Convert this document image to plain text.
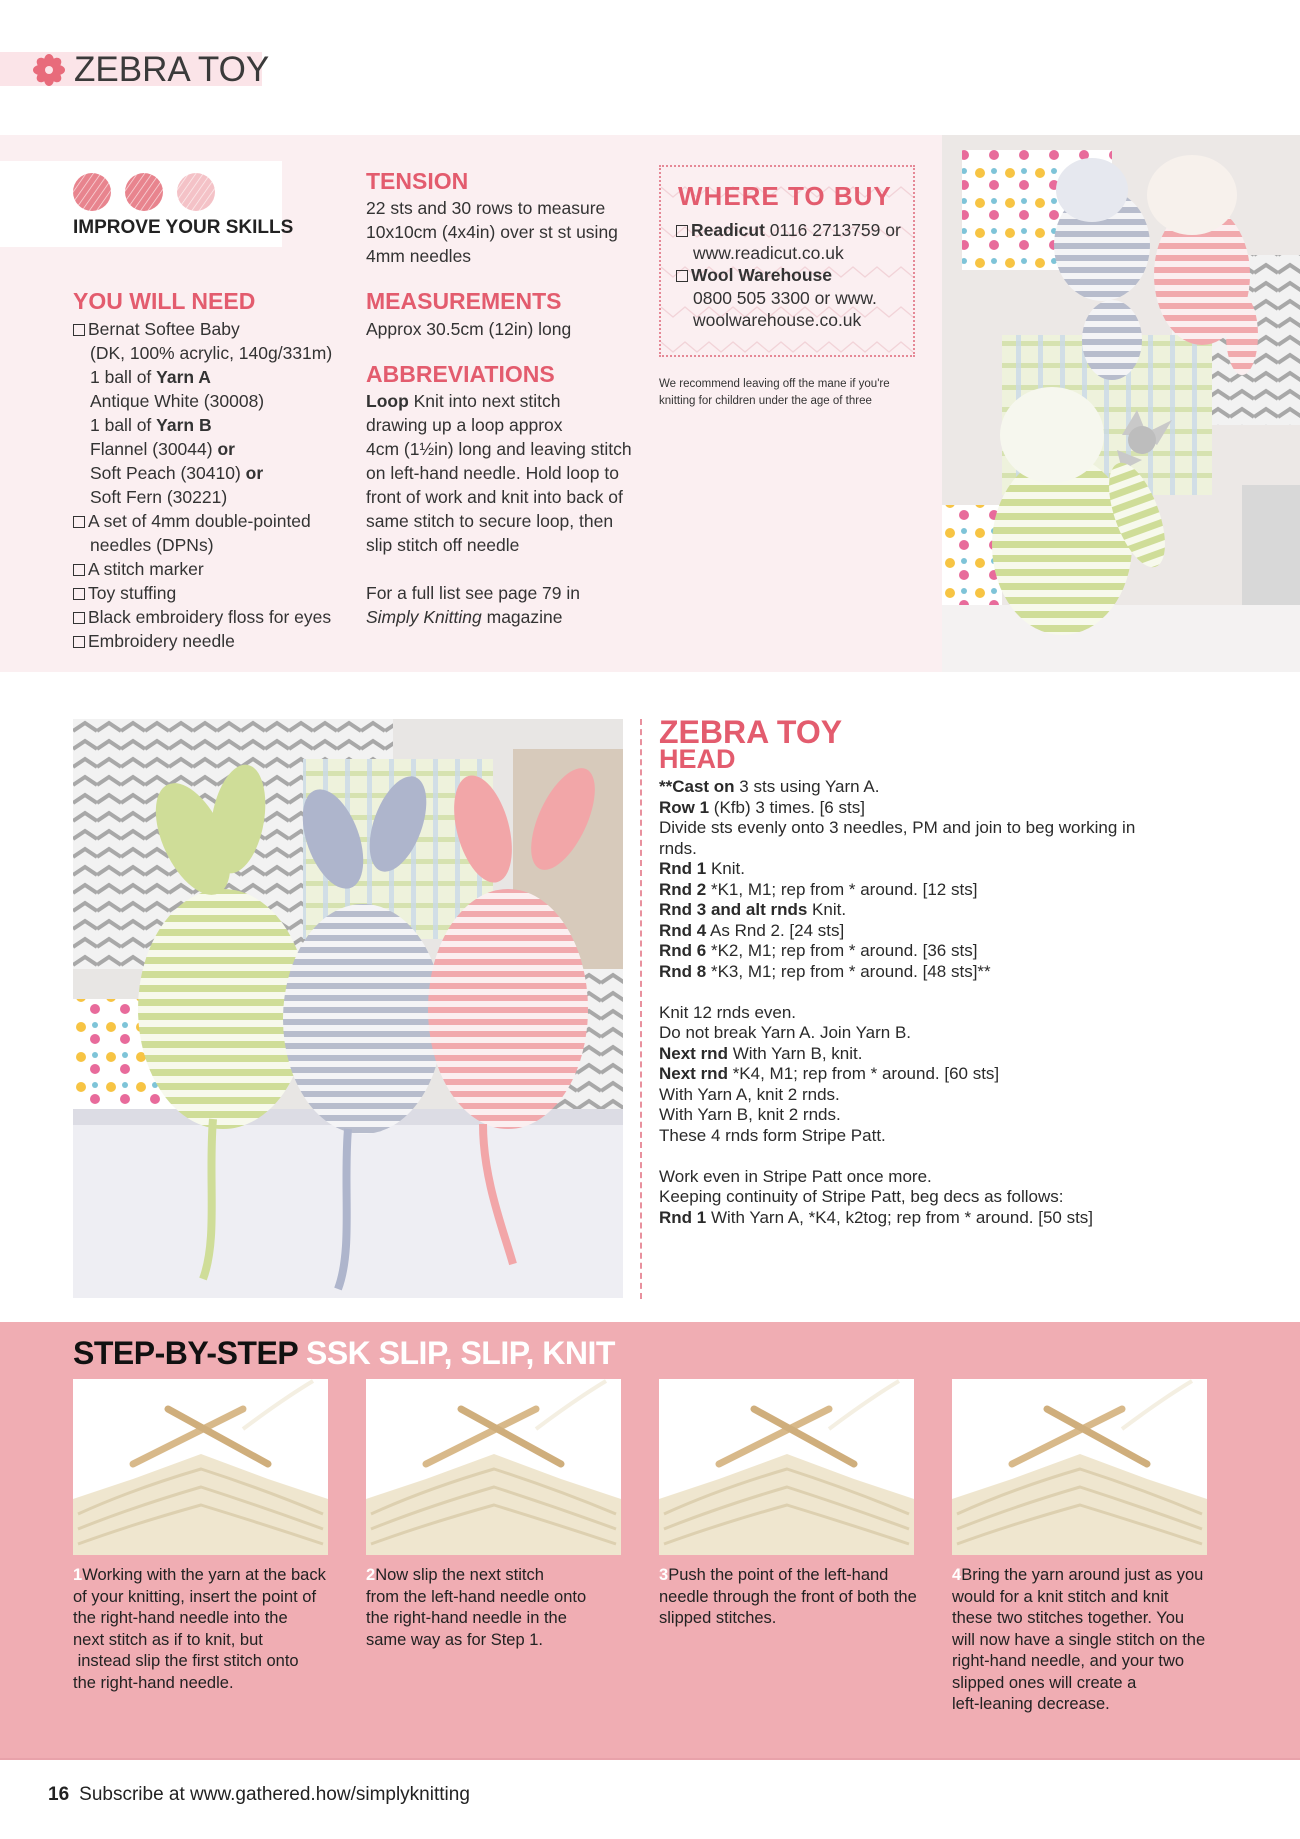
ZEBRA TOY
IMPROVE YOUR SKILLS
YOU WILL NEED
Bernat Softee Baby
(DK, 100% acrylic, 140g/331m)
1 ball of Yarn A
Antique White (30008)
1 ball of Yarn B
Flannel (30044) or
Soft Peach (30410) or
Soft Fern (30221)
A set of 4mm double-pointed
needles (DPNs)
A stitch marker
Toy stuffing
Black embroidery floss for eyes
Embroidery needle
TENSION
22 sts and 30 rows to measure
10x10cm (4x4in) over st st using
4mm needles
MEASUREMENTS
Approx 30.5cm (12in) long
ABBREVIATIONS
Loop Knit into next stitch
drawing up a loop approx
4cm (1½in) long and leaving stitch
on left-hand needle. Hold loop to
front of work and knit into back of
same stitch to secure loop, then
slip stitch off needle

For a full list see page 79 in
Simply Knitting magazine
WHERE TO BUY
Readicut 0116 2713759 or
www.readicut.co.uk
Wool Warehouse
0800 505 3300 or www.
woolwarehouse.co.uk
We recommend leaving off the mane if you're
knitting for children under the age of three
ZEBRA TOY
HEAD
**Cast on 3 sts using Yarn A.
Row 1 (Kfb) 3 times. [6 sts]
Divide sts evenly onto 3 needles, PM and join to beg working in
rnds.
Rnd 1 Knit.
Rnd 2 *K1, M1; rep from * around. [12 sts]
Rnd 3 and alt rnds Knit.
Rnd 4 As Rnd 2. [24 sts]
Rnd 6 *K2, M1; rep from * around. [36 sts]
Rnd 8 *K3, M1; rep from * around. [48 sts]**

Knit 12 rnds even.
Do not break Yarn A. Join Yarn B.
Next rnd With Yarn B, knit.
Next rnd *K4, M1; rep from * around. [60 sts]
With Yarn A, knit 2 rnds.
With Yarn B, knit 2 rnds.
These 4 rnds form Stripe Patt.

Work even in Stripe Patt once more.
Keeping continuity of Stripe Patt, beg decs as follows:
Rnd 1 With Yarn A, *K4, k2tog; rep from * around. [50 sts]
STEP-BY-STEP SSK SLIP, SLIP, KNIT
1Working with the yarn at the back
of your knitting, insert the point of
the right-hand needle into the
next stitch as if to knit, but
instead slip the first stitch onto
the right-hand needle.
2Now slip the next stitch
from the left-hand needle onto
the right-hand needle in the
same way as for Step 1.
3Push the point of the left-hand
needle through the front of both the
slipped stitches.
4Bring the yarn around just as you
would for a knit stitch and knit
these two stitches together. You
will now have a single stitch on the
right-hand needle, and your two
slipped ones will create a
left-leaning decrease.
16 Subscribe at www.gathered.how/simplyknitting
